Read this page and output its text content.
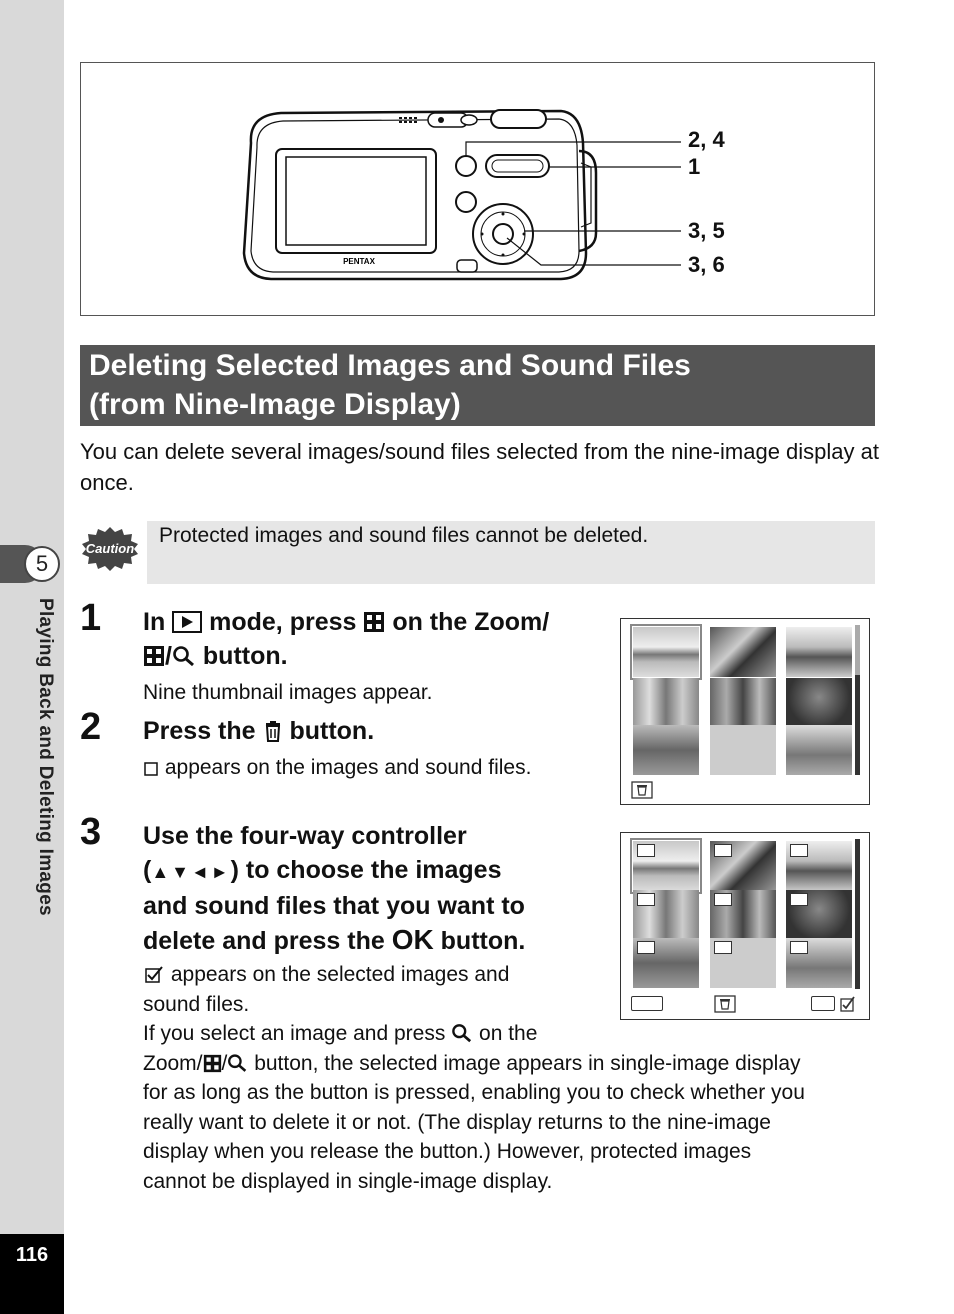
5
Playing Back and Deleting Images
116
PENTAX
2, 4
1
3, 5
3, 6
Deleting Selected Images and Sound Files
(from Nine-Image Display)

You can delete several images/sound files selected from the nine-image display at once.

Caution
Protected images and sound files cannot be deleted.
1 In mode, press on the Zoom/
/ button.
Nine thumbnail images appear.
2 Press the button.
appears on the images and sound files.
3 Use the four-way controller
(▲▼◄►) to choose the images
and sound files that you want to
delete and press the OK button.
appears on the selected images and
sound files.
If you select an image and press on the
Zoom/ / button, the selected image appears in single-image display
for as long as the button is pressed, enabling you to check whether you
really want to delete it or not. (The display returns to the nine-image
display when you release the button.) However, protected images
cannot be displayed in single-image display.
